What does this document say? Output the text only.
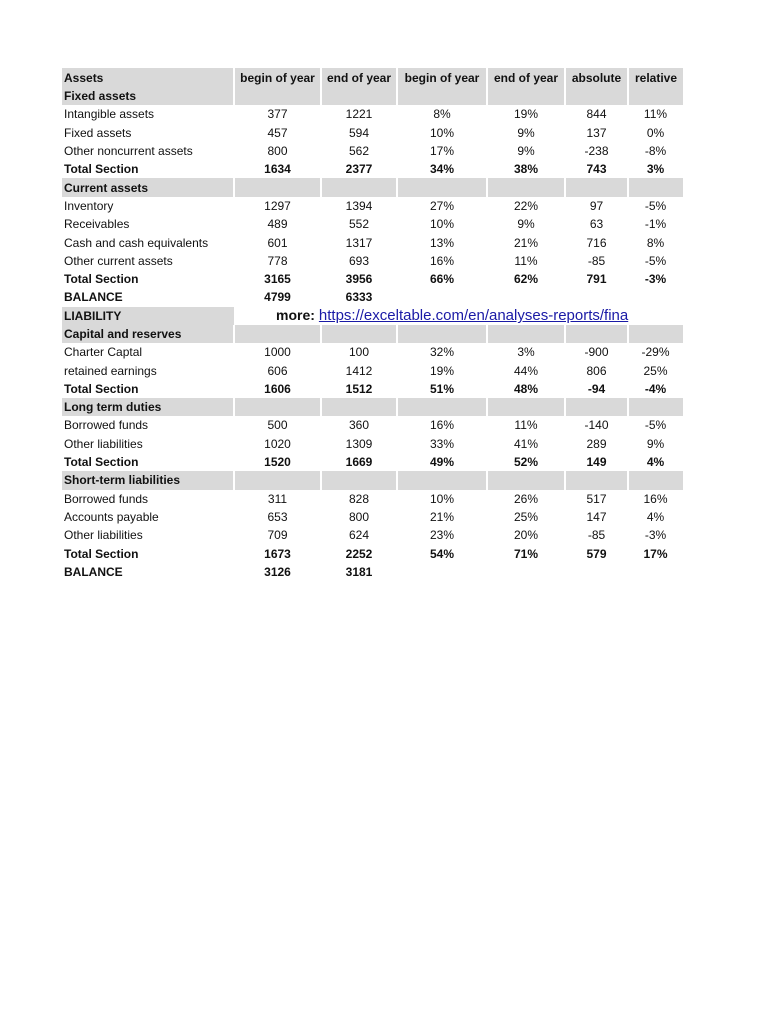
Assets	begin of year	end of year	begin of year	end of year	absolute	relative
Fixed assets						
Intangible assets	377	1221	8%	19%	844	11%
Fixed assets	457	594	10%	9%	137	0%
Other noncurrent assets	800	562	17%	9%	-238	-8%
Total Section	1634	2377	34%	38%	743	3%
Current assets						
Inventory	1297	1394	27%	22%	97	-5%
Receivables	489	552	10%	9%	63	-1%
Cash and cash equivalents	601	1317	13%	21%	716	8%
Other current assets	778	693	16%	11%	-85	-5%
Total Section	3165	3956	66%	62%	791	-3%
BALANCE	4799	6333				
LIABILITY	more: https://exceltable.com/en/analyses-reports/fina					
Capital and reserves						
Charter Captal	1000	100	32%	3%	-900	-29%
retained earnings	606	1412	19%	44%	806	25%
Total Section	1606	1512	51%	48%	-94	-4%
Long term duties						
Borrowed funds	500	360	16%	11%	-140	-5%
Other liabilities	1020	1309	33%	41%	289	9%
Total Section	1520	1669	49%	52%	149	4%
Short-term liabilities						
Borrowed funds	311	828	10%	26%	517	16%
Accounts payable	653	800	21%	25%	147	4%
Other liabilities	709	624	23%	20%	-85	-3%
Total Section	1673	2252	54%	71%	579	17%
BALANCE	3126	3181				
